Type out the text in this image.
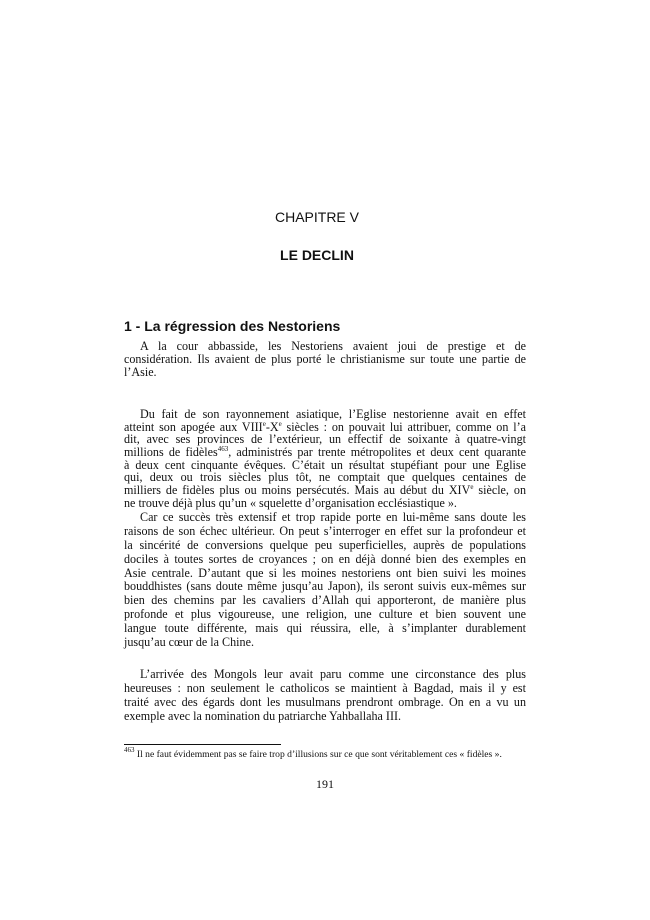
CHAPITRE V
LE DECLIN
1 - La régression des Nestoriens
A la cour abbasside, les Nestoriens avaient joui de prestige et de
considération. Ils avaient de plus porté le christianisme sur toute une partie de
l’Asie.
Du fait de son rayonnement asiatique, l’Eglise nestorienne avait en effet
atteint son apogée aux VIIIe-Xe siècles : on pouvait lui attribuer, comme on l’a
dit, avec ses provinces de l’extérieur, un effectif de soixante à quatre-vingt
millions de fidèles$^{463}$, administrés par trente métropolites et deux cent quarante
à deux cent cinquante évêques. C’était un résultat stupéfiant pour une Eglise
qui, deux ou trois siècles plus tôt, ne comptait que quelques centaines de
milliers de fidèles plus ou moins persécutés. Mais au début du XIVe siècle, on
ne trouve déjà plus qu’un « squelette d’organisation ecclésiastique ».
Car ce succès très extensif et trop rapide porte en lui-même sans doute les
raisons de son échec ultérieur. On peut s’interroger en effet sur la profondeur et
la sincérité de conversions quelque peu superficielles, auprès de populations
dociles à toutes sortes de croyances ; on en déjà donné bien des exemples en
Asie centrale. D’autant que si les moines nestoriens ont bien suivi les moines
bouddhistes (sans doute même jusqu’au Japon), ils seront suivis eux-mêmes sur
bien des chemins par les cavaliers d’Allah qui apporteront, de manière plus
profonde et plus vigoureuse, une religion, une culture et bien souvent une
langue toute différente, mais qui réussira, elle, à s’implanter durablement
jusqu’au cœur de la Chine.
L’arrivée des Mongols leur avait paru comme une circonstance des plus
heureuses : non seulement le catholicos se maintient à Bagdad, mais il y est
traité avec des égards dont les musulmans prendront ombrage. On en a vu un
exemple avec la nomination du patriarche Yahballaha III.
$^{463}$ Il ne faut évidemment pas se faire trop d’illusions sur ce que sont véritablement ces « fidèles ».
191
